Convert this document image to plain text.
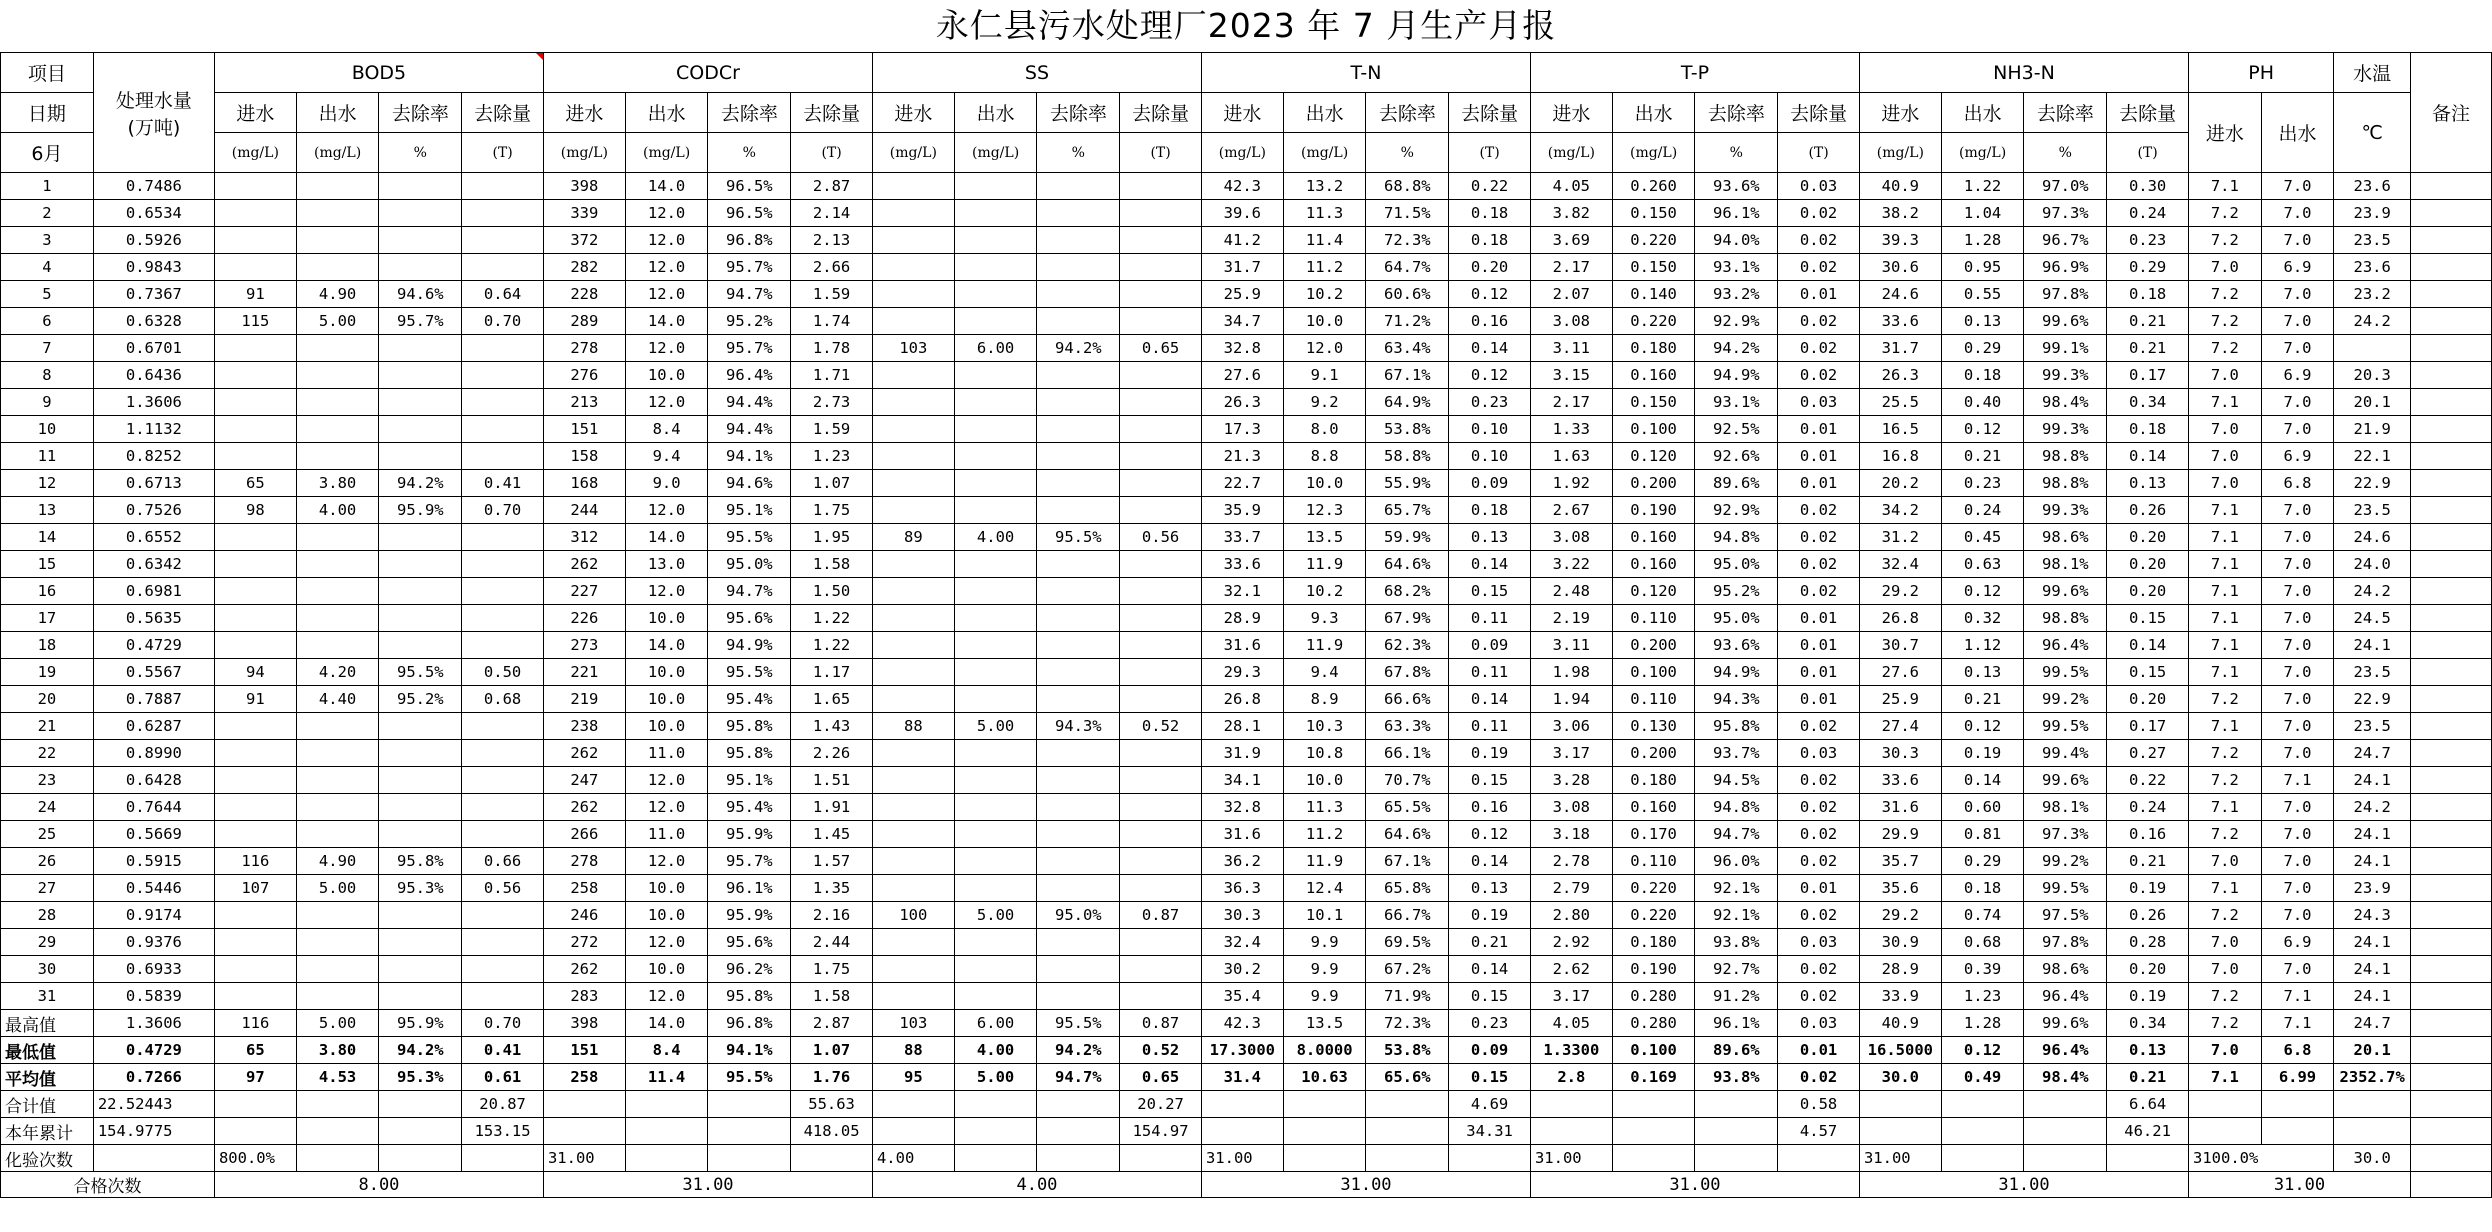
永仁县污水处理厂2023 年 7 月生产月报
项目	处理水量
(万吨)	BOD5				CODCr				SS				T-N				T-P				NH3-N				PH		水温	备注
日期		进水	出水	去除率	去除量	进水	出水	去除率	去除量	进水	出水	去除率	去除量	进水	出水	去除率	去除量	进水	出水	去除率	去除量	进水	出水	去除率	去除量	进水	出水	℃	
6月		(mg/L)	(mg/L)	%	(T)	(mg/L)	(mg/L)	%	(T)	(mg/L)	(mg/L)	%	(T)	(mg/L)	(mg/L)	%	(T)	(mg/L)	(mg/L)	%	(T)	(mg/L)	(mg/L)	%	(T)				
1	0.7486					398	14.0	96.5%	2.87					42.3	13.2	68.8%	0.22	4.05	0.260	93.6%	0.03	40.9	1.22	97.0%	0.30	7.1	7.0	23.6	
2	0.6534					339	12.0	96.5%	2.14					39.6	11.3	71.5%	0.18	3.82	0.150	96.1%	0.02	38.2	1.04	97.3%	0.24	7.2	7.0	23.9	
3	0.5926					372	12.0	96.8%	2.13					41.2	11.4	72.3%	0.18	3.69	0.220	94.0%	0.02	39.3	1.28	96.7%	0.23	7.2	7.0	23.5	
4	0.9843					282	12.0	95.7%	2.66					31.7	11.2	64.7%	0.20	2.17	0.150	93.1%	0.02	30.6	0.95	96.9%	0.29	7.0	6.9	23.6	
5	0.7367	91	4.90	94.6%	0.64	228	12.0	94.7%	1.59					25.9	10.2	60.6%	0.12	2.07	0.140	93.2%	0.01	24.6	0.55	97.8%	0.18	7.2	7.0	23.2	
6	0.6328	115	5.00	95.7%	0.70	289	14.0	95.2%	1.74					34.7	10.0	71.2%	0.16	3.08	0.220	92.9%	0.02	33.6	0.13	99.6%	0.21	7.2	7.0	24.2	
7	0.6701					278	12.0	95.7%	1.78	103	6.00	94.2%	0.65	32.8	12.0	63.4%	0.14	3.11	0.180	94.2%	0.02	31.7	0.29	99.1%	0.21	7.2	7.0		
8	0.6436					276	10.0	96.4%	1.71					27.6	9.1	67.1%	0.12	3.15	0.160	94.9%	0.02	26.3	0.18	99.3%	0.17	7.0	6.9	20.3	
9	1.3606					213	12.0	94.4%	2.73					26.3	9.2	64.9%	0.23	2.17	0.150	93.1%	0.03	25.5	0.40	98.4%	0.34	7.1	7.0	20.1	
10	1.1132					151	8.4	94.4%	1.59					17.3	8.0	53.8%	0.10	1.33	0.100	92.5%	0.01	16.5	0.12	99.3%	0.18	7.0	7.0	21.9	
11	0.8252					158	9.4	94.1%	1.23					21.3	8.8	58.8%	0.10	1.63	0.120	92.6%	0.01	16.8	0.21	98.8%	0.14	7.0	6.9	22.1	
12	0.6713	65	3.80	94.2%	0.41	168	9.0	94.6%	1.07					22.7	10.0	55.9%	0.09	1.92	0.200	89.6%	0.01	20.2	0.23	98.8%	0.13	7.0	6.8	22.9	
13	0.7526	98	4.00	95.9%	0.70	244	12.0	95.1%	1.75					35.9	12.3	65.7%	0.18	2.67	0.190	92.9%	0.02	34.2	0.24	99.3%	0.26	7.1	7.0	23.5	
14	0.6552					312	14.0	95.5%	1.95	89	4.00	95.5%	0.56	33.7	13.5	59.9%	0.13	3.08	0.160	94.8%	0.02	31.2	0.45	98.6%	0.20	7.1	7.0	24.6	
15	0.6342					262	13.0	95.0%	1.58					33.6	11.9	64.6%	0.14	3.22	0.160	95.0%	0.02	32.4	0.63	98.1%	0.20	7.1	7.0	24.0	
16	0.6981					227	12.0	94.7%	1.50					32.1	10.2	68.2%	0.15	2.48	0.120	95.2%	0.02	29.2	0.12	99.6%	0.20	7.1	7.0	24.2	
17	0.5635					226	10.0	95.6%	1.22					28.9	9.3	67.9%	0.11	2.19	0.110	95.0%	0.01	26.8	0.32	98.8%	0.15	7.1	7.0	24.5	
18	0.4729					273	14.0	94.9%	1.22					31.6	11.9	62.3%	0.09	3.11	0.200	93.6%	0.01	30.7	1.12	96.4%	0.14	7.1	7.0	24.1	
19	0.5567	94	4.20	95.5%	0.50	221	10.0	95.5%	1.17					29.3	9.4	67.8%	0.11	1.98	0.100	94.9%	0.01	27.6	0.13	99.5%	0.15	7.1	7.0	23.5	
20	0.7887	91	4.40	95.2%	0.68	219	10.0	95.4%	1.65					26.8	8.9	66.6%	0.14	1.94	0.110	94.3%	0.01	25.9	0.21	99.2%	0.20	7.2	7.0	22.9	
21	0.6287					238	10.0	95.8%	1.43	88	5.00	94.3%	0.52	28.1	10.3	63.3%	0.11	3.06	0.130	95.8%	0.02	27.4	0.12	99.5%	0.17	7.1	7.0	23.5	
22	0.8990					262	11.0	95.8%	2.26					31.9	10.8	66.1%	0.19	3.17	0.200	93.7%	0.03	30.3	0.19	99.4%	0.27	7.2	7.0	24.7	
23	0.6428					247	12.0	95.1%	1.51					34.1	10.0	70.7%	0.15	3.28	0.180	94.5%	0.02	33.6	0.14	99.6%	0.22	7.2	7.1	24.1	
24	0.7644					262	12.0	95.4%	1.91					32.8	11.3	65.5%	0.16	3.08	0.160	94.8%	0.02	31.6	0.60	98.1%	0.24	7.1	7.0	24.2	
25	0.5669					266	11.0	95.9%	1.45					31.6	11.2	64.6%	0.12	3.18	0.170	94.7%	0.02	29.9	0.81	97.3%	0.16	7.2	7.0	24.1	
26	0.5915	116	4.90	95.8%	0.66	278	12.0	95.7%	1.57					36.2	11.9	67.1%	0.14	2.78	0.110	96.0%	0.02	35.7	0.29	99.2%	0.21	7.0	7.0	24.1	
27	0.5446	107	5.00	95.3%	0.56	258	10.0	96.1%	1.35					36.3	12.4	65.8%	0.13	2.79	0.220	92.1%	0.01	35.6	0.18	99.5%	0.19	7.1	7.0	23.9	
28	0.9174					246	10.0	95.9%	2.16	100	5.00	95.0%	0.87	30.3	10.1	66.7%	0.19	2.80	0.220	92.1%	0.02	29.2	0.74	97.5%	0.26	7.2	7.0	24.3	
29	0.9376					272	12.0	95.6%	2.44					32.4	9.9	69.5%	0.21	2.92	0.180	93.8%	0.03	30.9	0.68	97.8%	0.28	7.0	6.9	24.1	
30	0.6933					262	10.0	96.2%	1.75					30.2	9.9	67.2%	0.14	2.62	0.190	92.7%	0.02	28.9	0.39	98.6%	0.20	7.0	7.0	24.1	
31	0.5839					283	12.0	95.8%	1.58					35.4	9.9	71.9%	0.15	3.17	0.280	91.2%	0.02	33.9	1.23	96.4%	0.19	7.2	7.1	24.1	
最高值	1.3606	116	5.00	95.9%	0.70	398	14.0	96.8%	2.87	103	6.00	95.5%	0.87	42.3	13.5	72.3%	0.23	4.05	0.280	96.1%	0.03	40.9	1.28	99.6%	0.34	7.2	7.1	24.7	
最低值	0.4729	65	3.80	94.2%	0.41	151	8.4	94.1%	1.07	88	4.00	94.2%	0.52	17.3000	8.0000	53.8%	0.09	1.3300	0.100	89.6%	0.01	16.5000	0.12	96.4%	0.13	7.0	6.8	20.1	
平均值	0.7266	97	4.53	95.3%	0.61	258	11.4	95.5%	1.76	95	5.00	94.7%	0.65	31.4	10.63	65.6%	0.15	2.8	0.169	93.8%	0.02	30.0	0.49	98.4%	0.21	7.1	6.99	2352.7%	
合计值	22.52443				20.87				55.63				20.27				4.69				0.58				6.64				
本年累计	154.9775				153.15				418.05				154.97				34.31				4.57				46.21				
化验次数		800.0%				31.00				4.00				31.00				31.00				31.00				3100.0%		30.0	
合格次数		8.00				31.00				4.00				31.00				31.00				31.00				31.00			
